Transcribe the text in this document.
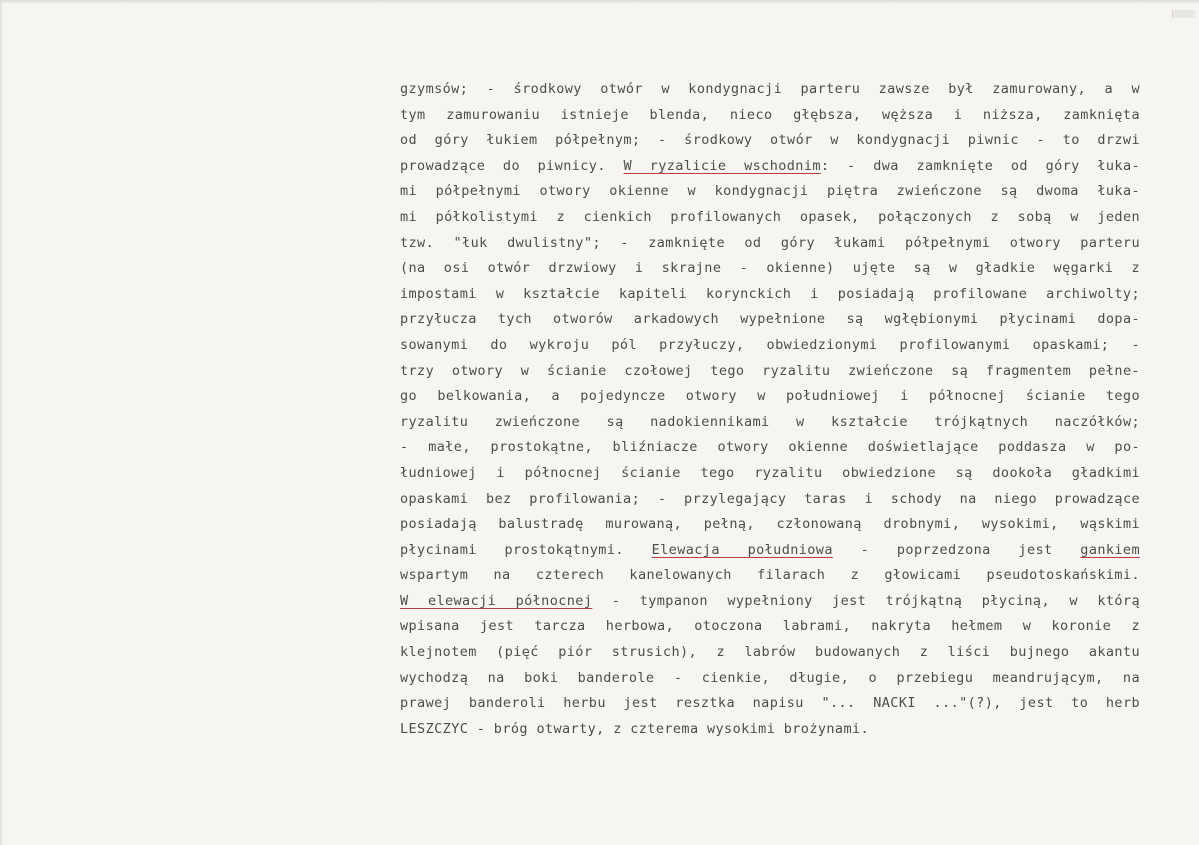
gzymsów; - środkowy otwór w kondygnacji parteru zawsze był zamurowany, a w
tym zamurowaniu istnieje blenda, nieco głębsza, węższa i niższa, zamknięta
od góry łukiem półpełnym; - środkowy otwór w kondygnacji piwnic - to drzwi
prowadzące do piwnicy. W ryzalicie wschodnim: - dwa zamknięte od góry łuka-
mi półpełnymi otwory okienne w kondygnacji piętra zwieńczone są dwoma łuka-
mi półkolistymi z cienkich profilowanych opasek, połączonych z sobą w jeden
tzw. "łuk dwulistny"; - zamknięte od góry łukami półpełnymi otwory parteru
(na osi otwór drzwiowy i skrajne - okienne) ujęte są w gładkie węgarki z
impostami w kształcie kapiteli korynckich i posiadają profilowane archiwolty;
przyłucza tych otworów arkadowych wypełnione są wgłębionymi płycinami dopa-
sowanymi do wykroju pól przyłuczy, obwiedzionymi profilowanymi opaskami; -
trzy otwory w ścianie czołowej tego ryzalitu zwieńczone są fragmentem pełne-
go belkowania, a pojedyncze otwory w południowej i północnej ścianie tego
ryzalitu zwieńczone są nadokiennikami w kształcie trójkątnych naczółków;
- małe, prostokątne, bliźniacze otwory okienne doświetlające poddasza w po-
łudniowej i północnej ścianie tego ryzalitu obwiedzione są dookoła gładkimi
opaskami bez profilowania; - przylegający taras i schody na niego prowadzące
posiadają balustradę murowaną, pełną, członowaną drobnymi, wysokimi, wąskimi
płycinami prostokątnymi. Elewacja południowa - poprzedzona jest gankiem
wspartym na czterech kanelowanych filarach z głowicami pseudotoskańskimi.
W elewacji północnej - tympanon wypełniony jest trójkątną płyciną, w którą
wpisana jest tarcza herbowa, otoczona labrami, nakryta hełmem w koronie z
klejnotem (pięć piór strusich), z labrów budowanych z liści bujnego akantu
wychodzą na boki banderole - cienkie, długie, o przebiegu meandrującym, na
prawej banderoli herbu jest resztka napisu "... NACKI ..."(?), jest to herb
LESZCZYC - bróg otwarty, z czterema wysokimi brożynami.
